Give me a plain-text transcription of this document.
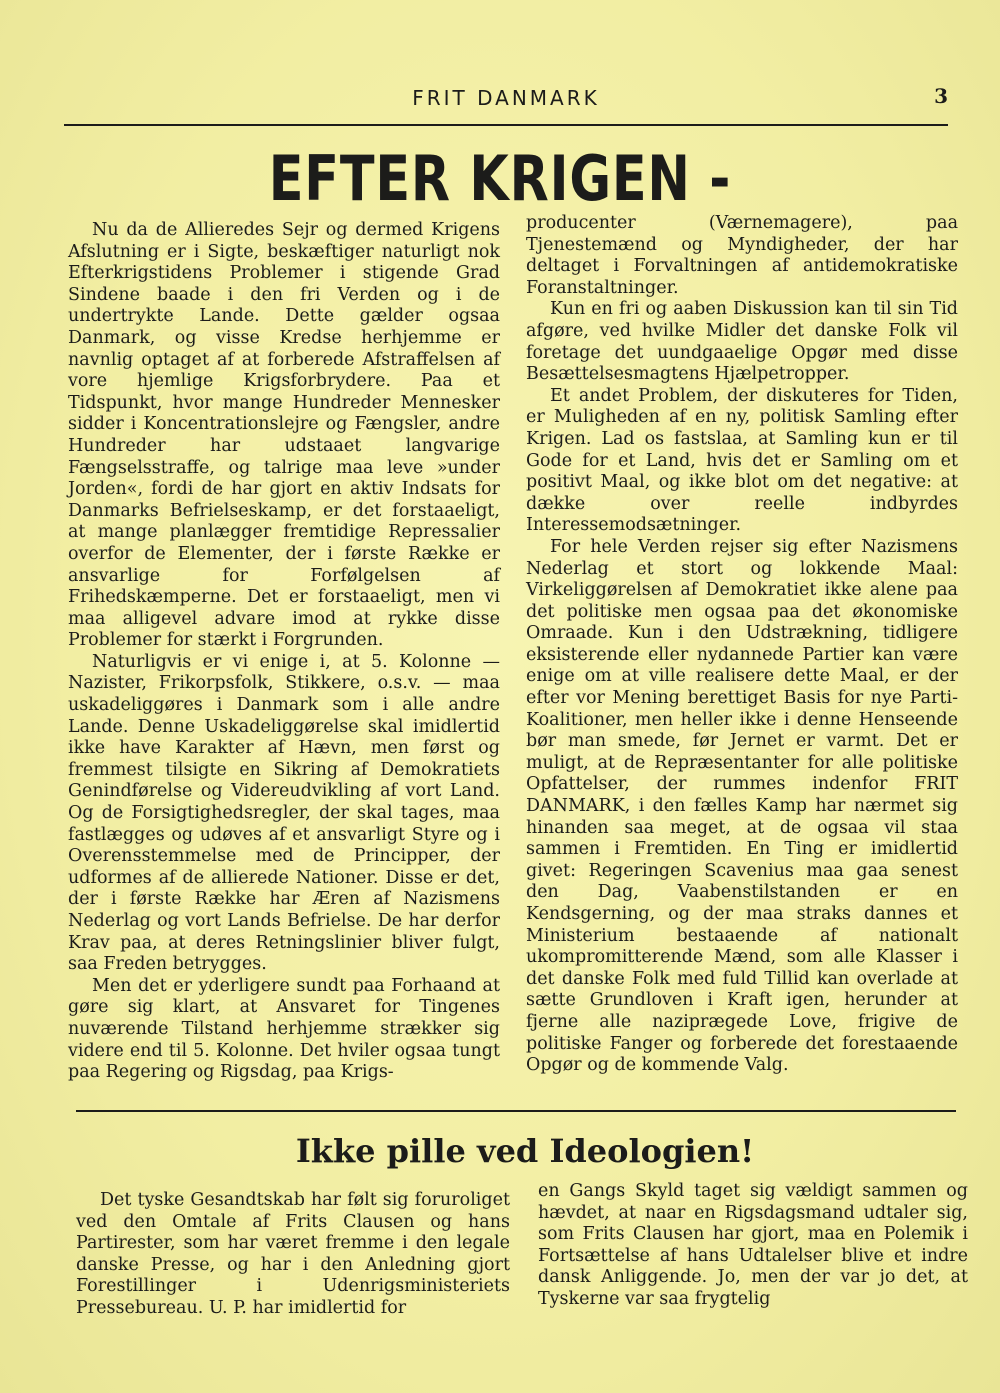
FRIT DANMARK	3
EFTER KRIGEN -

Nu da de Allieredes Sejr og dermed Krigens Afslutning er i Sigte, beskæftiger naturligt nok Efterkrigstidens Problemer i stigende Grad Sindene baade i den fri Verden og i de undertrykte Lande. Dette gælder ogsaa Danmark, og visse Kredse herhjemme er navnlig optaget af at forberede Afstraffelsen af vore hjemlige Krigsforbrydere. Paa et Tidspunkt, hvor mange Hundreder Mennesker sidder i Koncentrationslejre og Fængsler, andre Hundreder har udstaaet langvarige Fængselsstraffe, og talrige maa leve »under Jorden«, fordi de har gjort en aktiv Indsats for Danmarks Befrielseskamp, er det forstaaeligt, at mange planlægger fremtidige Repressalier overfor de Elementer, der i første Række er ansvarlige for Forfølgelsen af Frihedskæmperne. Det er forstaaeligt, men vi maa alligevel advare imod at rykke disse Problemer for stærkt i Forgrunden.

Naturligvis er vi enige i, at 5. Kolonne — Nazister, Frikorpsfolk, Stikkere, o.s.v. — maa uskadeliggøres i Danmark som i alle andre Lande. Denne Uskadeliggørelse skal imidlertid ikke have Karakter af Hævn, men først og fremmest tilsigte en Sikring af Demokratiets Genindførelse og Videreudvikling af vort Land. Og de Forsigtighedsregler, der skal tages, maa fastlægges og udøves af et ansvarligt Styre og i Overensstemmelse med de Principper, der udformes af de allierede Nationer. Disse er det, der i første Række har Æren af Nazismens Nederlag og vort Lands Befrielse. De har derfor Krav paa, at deres Retningslinier bliver fulgt, saa Freden betrygges.

Men det er yderligere sundt paa Forhaand at gøre sig klart, at Ansvaret for Tingenes nuværende Tilstand herhjemme strækker sig videre end til 5. Kolonne. Det hviler ogsaa tungt paa Regering og Rigsdag, paa Krigs-

producenter (Værnemagere), paa Tjenestemænd og Myndigheder, der har deltaget i Forvaltningen af antidemokratiske Foranstaltninger.

Kun en fri og aaben Diskussion kan til sin Tid afgøre, ved hvilke Midler det danske Folk vil foretage det uundgaaelige Opgør med disse Besættelsesmagtens Hjælpetropper.

Et andet Problem, der diskuteres for Tiden, er Muligheden af en ny, politisk Samling efter Krigen. Lad os fastslaa, at Samling kun er til Gode for et Land, hvis det er Samling om et positivt Maal, og ikke blot om det negative: at dække over reelle indbyrdes Interessemodsætninger.

For hele Verden rejser sig efter Nazismens Nederlag et stort og lokkende Maal: Virkeliggørelsen af Demokratiet ikke alene paa det politiske men ogsaa paa det økonomiske Omraade. Kun i den Udstrækning, tidligere eksisterende eller nydannede Partier kan være enige om at ville realisere dette Maal, er der efter vor Mening berettiget Basis for nye Parti-Koalitioner, men heller ikke i denne Henseende bør man smede, før Jernet er varmt. Det er muligt, at de Repræsentanter for alle politiske Opfattelser, der rummes indenfor FRIT DANMARK, i den fælles Kamp har nærmet sig hinanden saa meget, at de ogsaa vil staa sammen i Fremtiden. En Ting er imidlertid givet: Regeringen Scavenius maa gaa senest den Dag, Vaabenstilstanden er en Kendsgerning, og der maa straks dannes et Ministerium bestaaende af nationalt ukompromitterende Mænd, som alle Klasser i det danske Folk med fuld Tillid kan overlade at sætte Grundloven i Kraft igen, herunder at fjerne alle naziprægede Love, frigive de politiske Fanger og forberede det forestaaende Opgør og de kommende Valg.

Ikke pille ved Ideologien!

Det tyske Gesandtskab har følt sig foruroliget ved den Omtale af Frits Clausen og hans Partirester, som har været fremme i den legale danske Presse, og har i den Anledning gjort Forestillinger i Udenrigsministeriets Pressebureau. U. P. har imidlertid for

en Gangs Skyld taget sig vældigt sammen og hævdet, at naar en Rigsdagsmand udtaler sig, som Frits Clausen har gjort, maa en Polemik i Fortsættelse af hans Udtalelser blive et indre dansk Anliggende. Jo, men der var jo det, at Tyskerne var saa frygtelig
